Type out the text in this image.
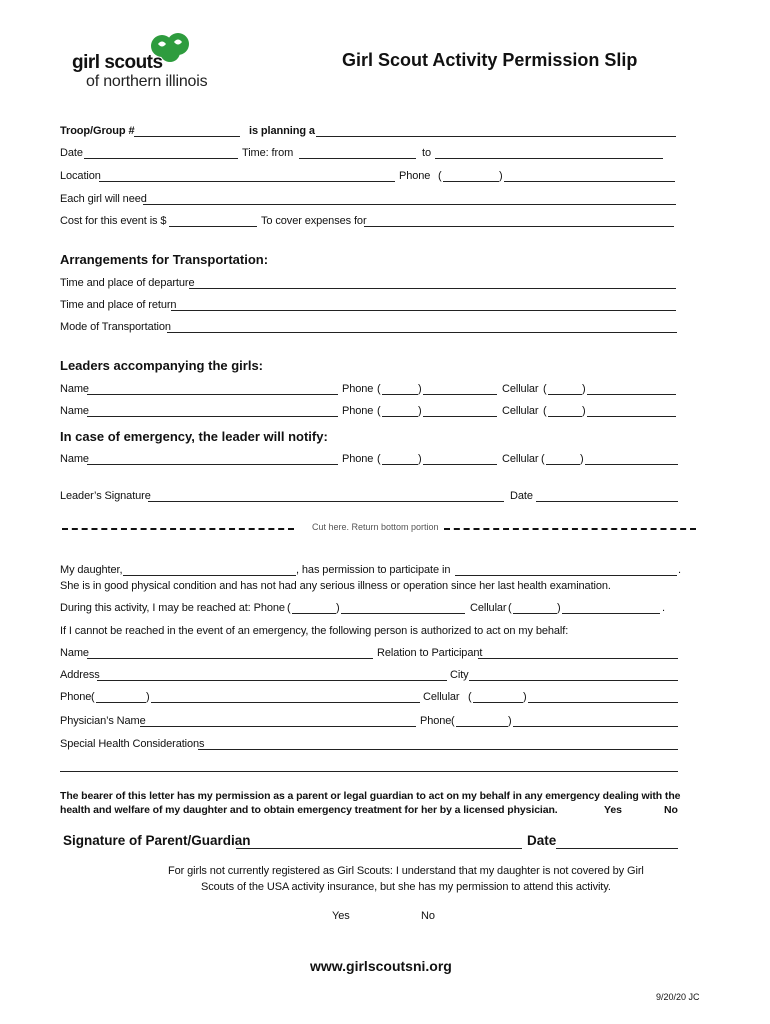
girl scouts
of northern illinois
Girl Scout Activity Permission Slip
Troop/Group #	is planning a
Date	Time: from	to
Location	Phone (	)
Each girl will need
Cost for this event is $	To cover expenses for
Arrangements for Transportation:
Time and place of departure
Time and place of return
Mode of Transportation
Leaders accompanying the girls:
Name	Phone (	)	Cellular (	)
Name	Phone (	)	Cellular (	)
In case of emergency, the leader will notify:
Name	Phone (	)	Cellular (	)
Leader’s Signature	Date
Cut here. Return bottom portion
My daughter,	, has permission to participate in	.
She is in good physical condition and has not had any serious illness or operation since her last health examination.
During this activity, I may be reached at: Phone (	)	Cellular (	)	.
If I cannot be reached in the event of an emergency, the following person is authorized to act on my behalf:
Name	Relation to Participant
Address	City
Phone (	)	Cellular (	)
Physician’s Name	Phone (	)
Special Health Considerations
The bearer of this letter has my permission as a parent or legal guardian to act on my behalf in any emergency dealing with the
health and welfare of my daughter and to obtain emergency treatment for her by a licensed physician.	Yes	No
Signature of Parent/Guardian	Date
For girls not currently registered as Girl Scouts: I understand that my daughter is not covered by Girl
Scouts of the USA activity insurance, but she has my permission to attend this activity.
Yes	No
www.girlscoutsni.org
9/20/20 JC
